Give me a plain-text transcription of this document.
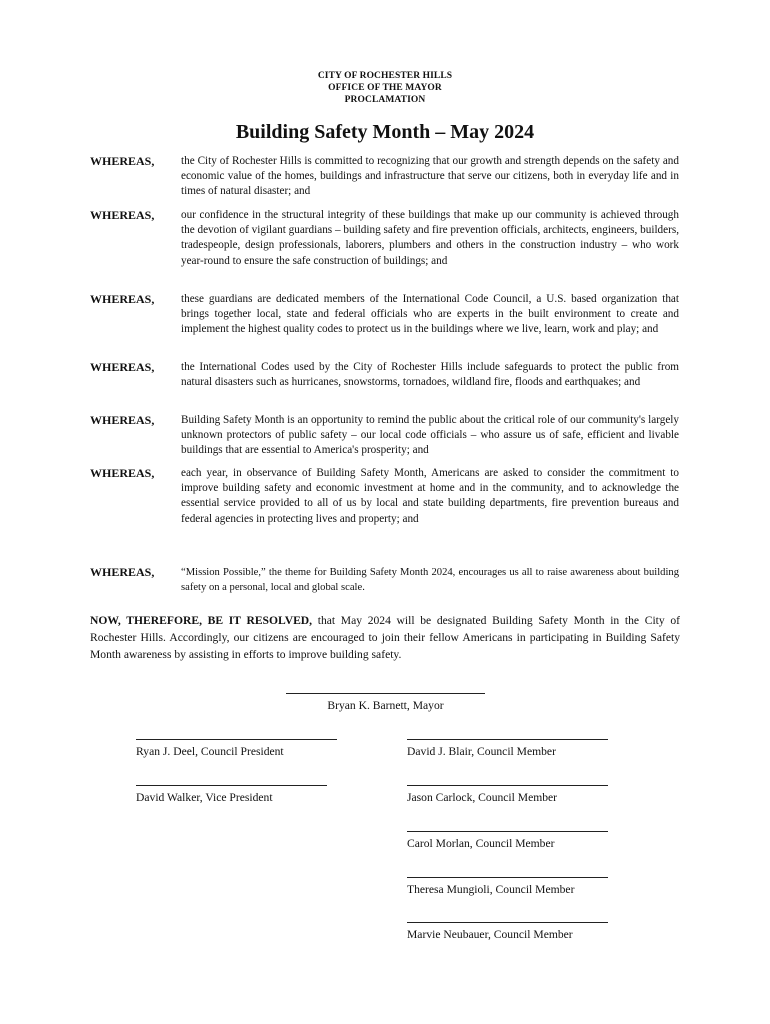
CITY OF ROCHESTER HILLS
OFFICE OF THE MAYOR
PROCLAMATION
Building Safety Month – May 2024
WHEREAS, the City of Rochester Hills is committed to recognizing that our growth and strength depends on the safety and economic value of the homes, buildings and infrastructure that serve our citizens, both in everyday life and in times of natural disaster; and
WHEREAS, our confidence in the structural integrity of these buildings that make up our community is achieved through the devotion of vigilant guardians – building safety and fire prevention officials, architects, engineers, builders, tradespeople, design professionals, laborers, plumbers and others in the construction industry – who work year-round to ensure the safe construction of buildings; and
WHEREAS, these guardians are dedicated members of the International Code Council, a U.S. based organization that brings together local, state and federal officials who are experts in the built environment to create and implement the highest quality codes to protect us in the buildings where we live, learn, work and play; and
WHEREAS, the International Codes used by the City of Rochester Hills include safeguards to protect the public from natural disasters such as hurricanes, snowstorms, tornadoes, wildland fire, floods and earthquakes; and
WHEREAS, Building Safety Month is an opportunity to remind the public about the critical role of our community's largely unknown protectors of public safety – our local code officials – who assure us of safe, efficient and livable buildings that are essential to America's prosperity; and
WHEREAS, each year, in observance of Building Safety Month, Americans are asked to consider the commitment to improve building safety and economic investment at home and in the community, and to acknowledge the essential service provided to all of us by local and state building departments, fire prevention bureaus and federal agencies in protecting lives and property; and
WHEREAS,	“Mission Possible,” the theme for Building Safety Month 2024, encourages us all to raise awareness about building safety on a personal, local and global scale.
NOW, THEREFORE, BE IT RESOLVED, that May 2024 will be designated Building Safety Month in the City of Rochester Hills. Accordingly, our citizens are encouraged to join their fellow Americans in participating in Building Safety Month awareness by assisting in efforts to improve building safety.
Bryan K. Barnett, Mayor
Ryan J. Deel, Council President
David Walker, Vice President
David J. Blair, Council Member
Jason Carlock, Council Member
Carol Morlan, Council Member
Theresa Mungioli, Council Member
Marvie Neubauer, Council Member
